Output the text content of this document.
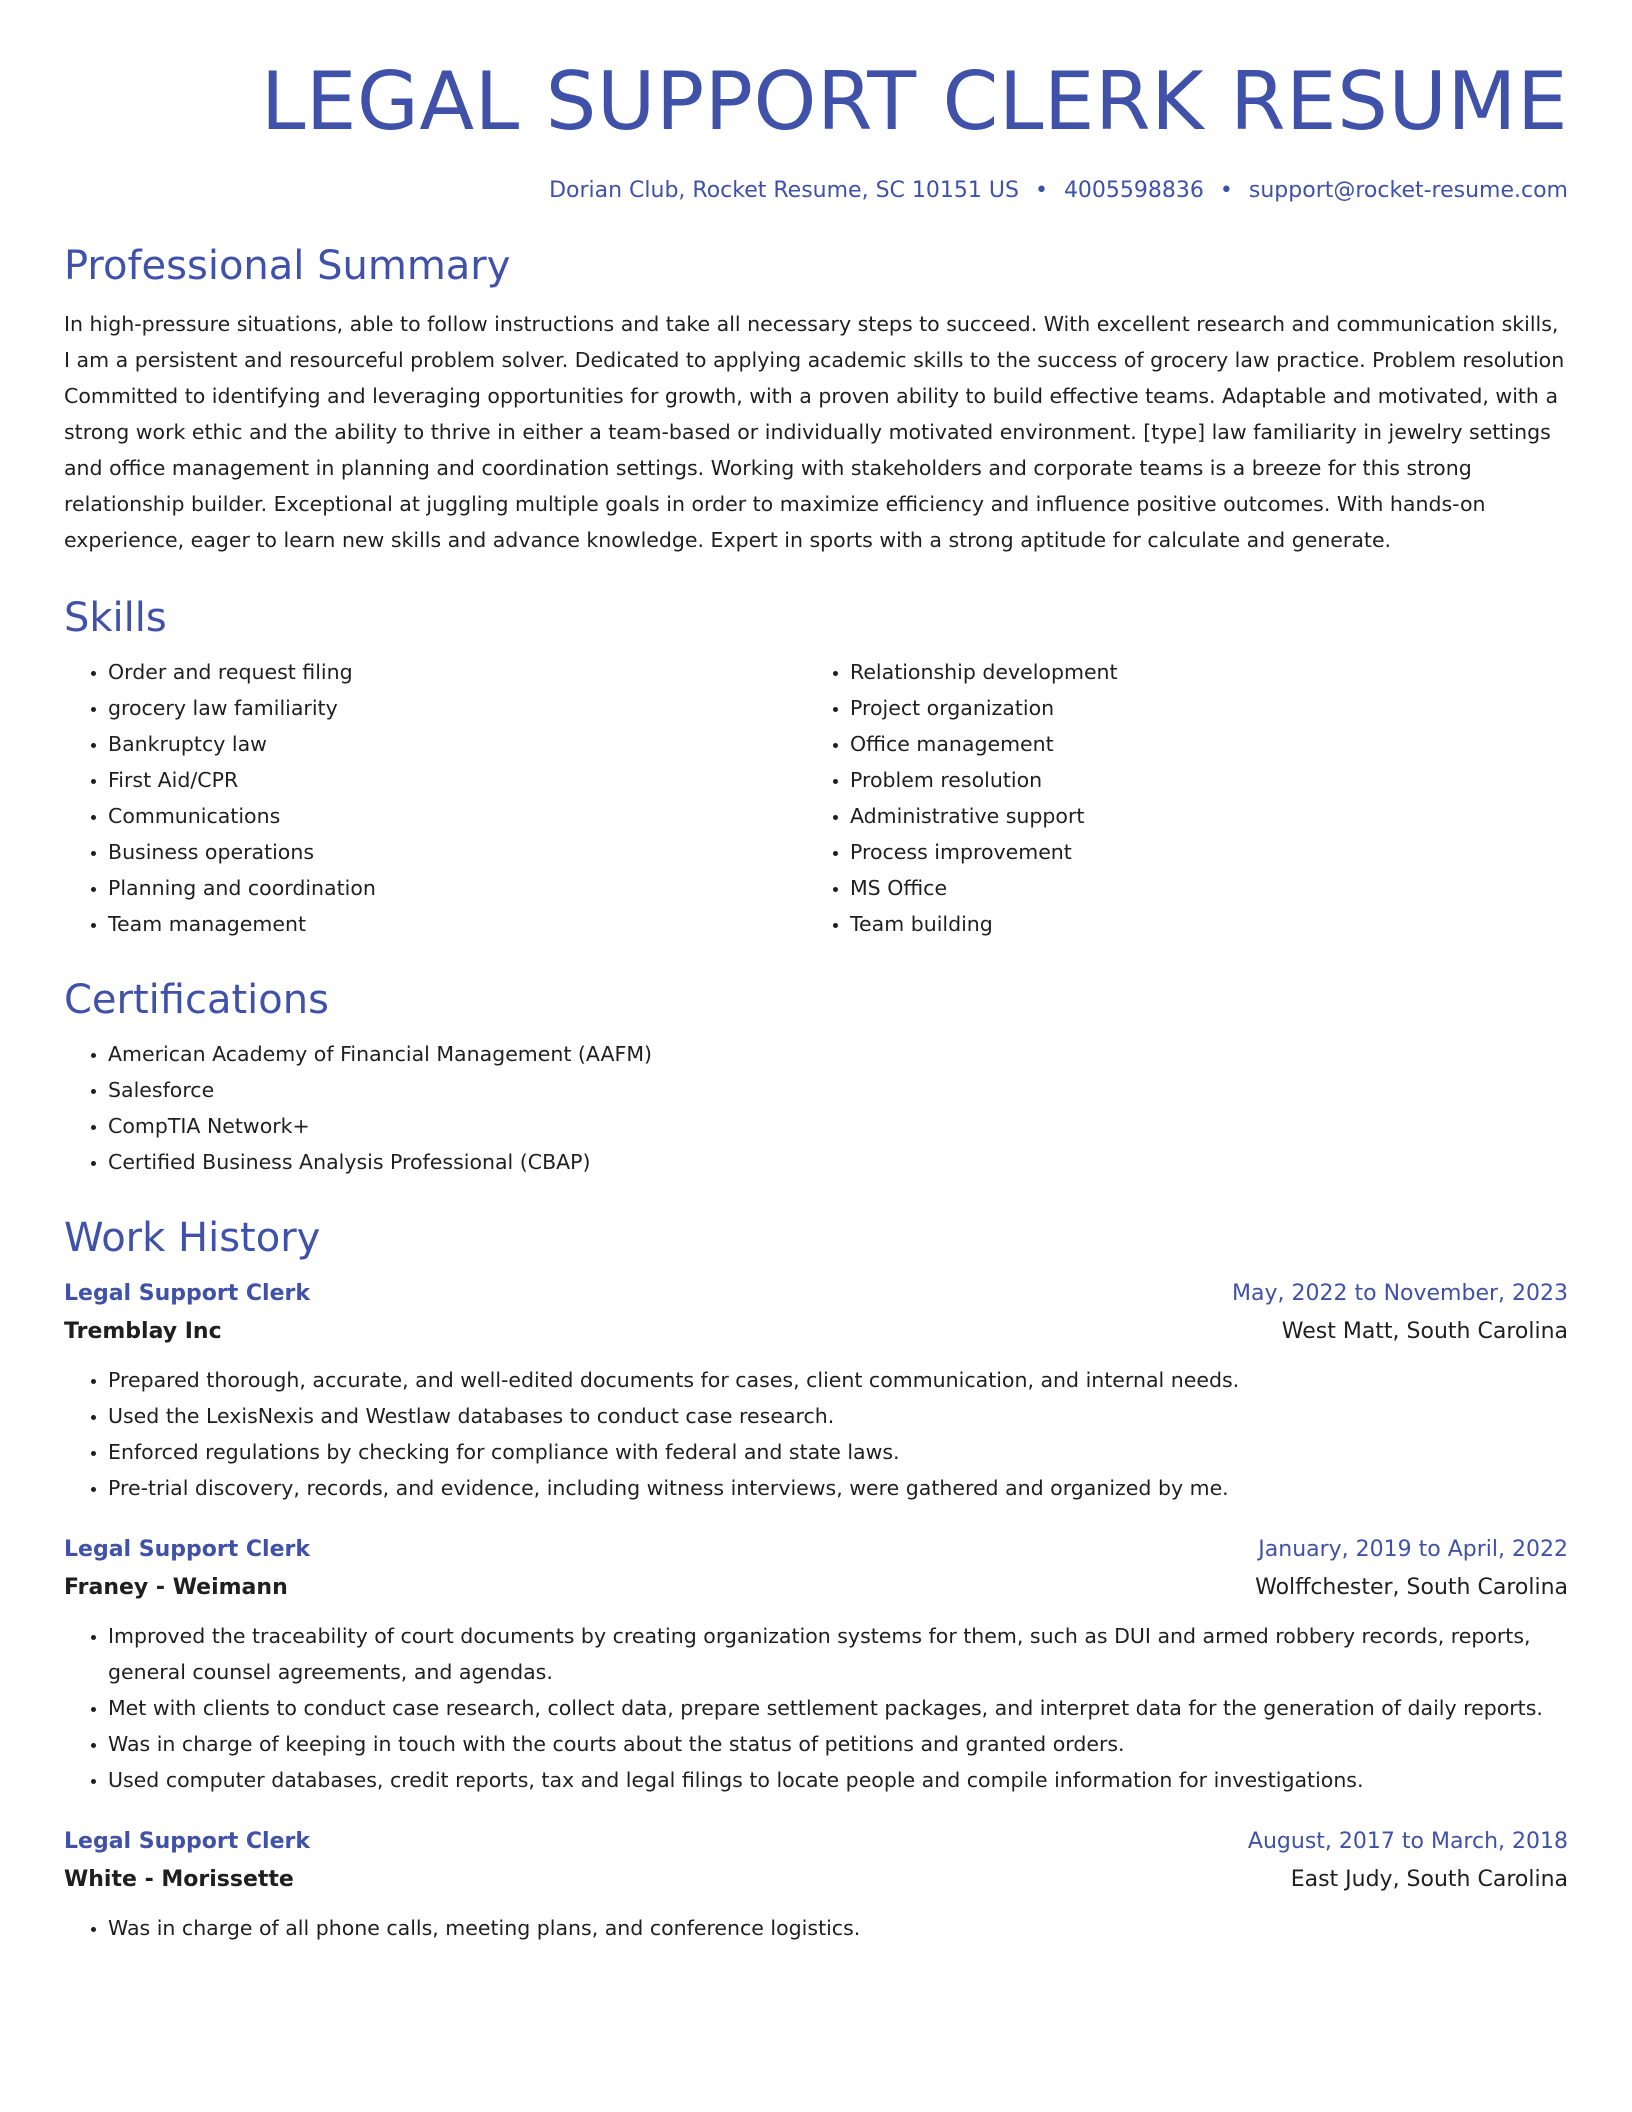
LEGAL SUPPORT CLERK RESUME
Dorian Club, Rocket Resume, SC 10151 US • 4005598836 • support@rocket-resume.com
Professional Summary

In high-pressure situations, able to follow instructions and take all necessary steps to succeed. With excellent research and communication skills, I am a persistent and resourceful problem solver. Dedicated to applying academic skills to the success of grocery law practice. Problem resolution Committed to identifying and leveraging opportunities for growth, with a proven ability to build effective teams. Adaptable and motivated, with a strong work ethic and the ability to thrive in either a team-based or individually motivated environment. [type] law familiarity in jewelry settings and office management in planning and coordination settings. Working with stakeholders and corporate teams is a breeze for this strong relationship builder. Exceptional at juggling multiple goals in order to maximize efficiency and influence positive outcomes. With hands-on experience, eager to learn new skills and advance knowledge. Expert in sports with a strong aptitude for calculate and generate.

Skills
• Order and request filing
• grocery law familiarity
• Bankruptcy law
• First Aid/CPR
• Communications
• Business operations
• Planning and coordination
• Team management
• Relationship development
• Project organization
• Office management
• Problem resolution
• Administrative support
• Process improvement
• MS Office
• Team building
Certifications
• American Academy of Financial Management (AAFM)
• Salesforce
• CompTIA Network+
• Certified Business Analysis Professional (CBAP)
Work History
Legal Support Clerk	May, 2022 to November, 2023
Tremblay Inc	West Matt, South Carolina
• Prepared thorough, accurate, and well-edited documents for cases, client communication, and internal needs.
• Used the LexisNexis and Westlaw databases to conduct case research.
• Enforced regulations by checking for compliance with federal and state laws.
• Pre-trial discovery, records, and evidence, including witness interviews, were gathered and organized by me.
Legal Support Clerk	January, 2019 to April, 2022
Franey - Weimann	Wolffchester, South Carolina
• Improved the traceability of court documents by creating organization systems for them, such as DUI and armed robbery records, reports, general counsel agreements, and agendas.
• Met with clients to conduct case research, collect data, prepare settlement packages, and interpret data for the generation of daily reports.
• Was in charge of keeping in touch with the courts about the status of petitions and granted orders.
• Used computer databases, credit reports, tax and legal filings to locate people and compile information for investigations.
Legal Support Clerk	August, 2017 to March, 2018
White - Morissette	East Judy, South Carolina
• Was in charge of all phone calls, meeting plans, and conference logistics.
